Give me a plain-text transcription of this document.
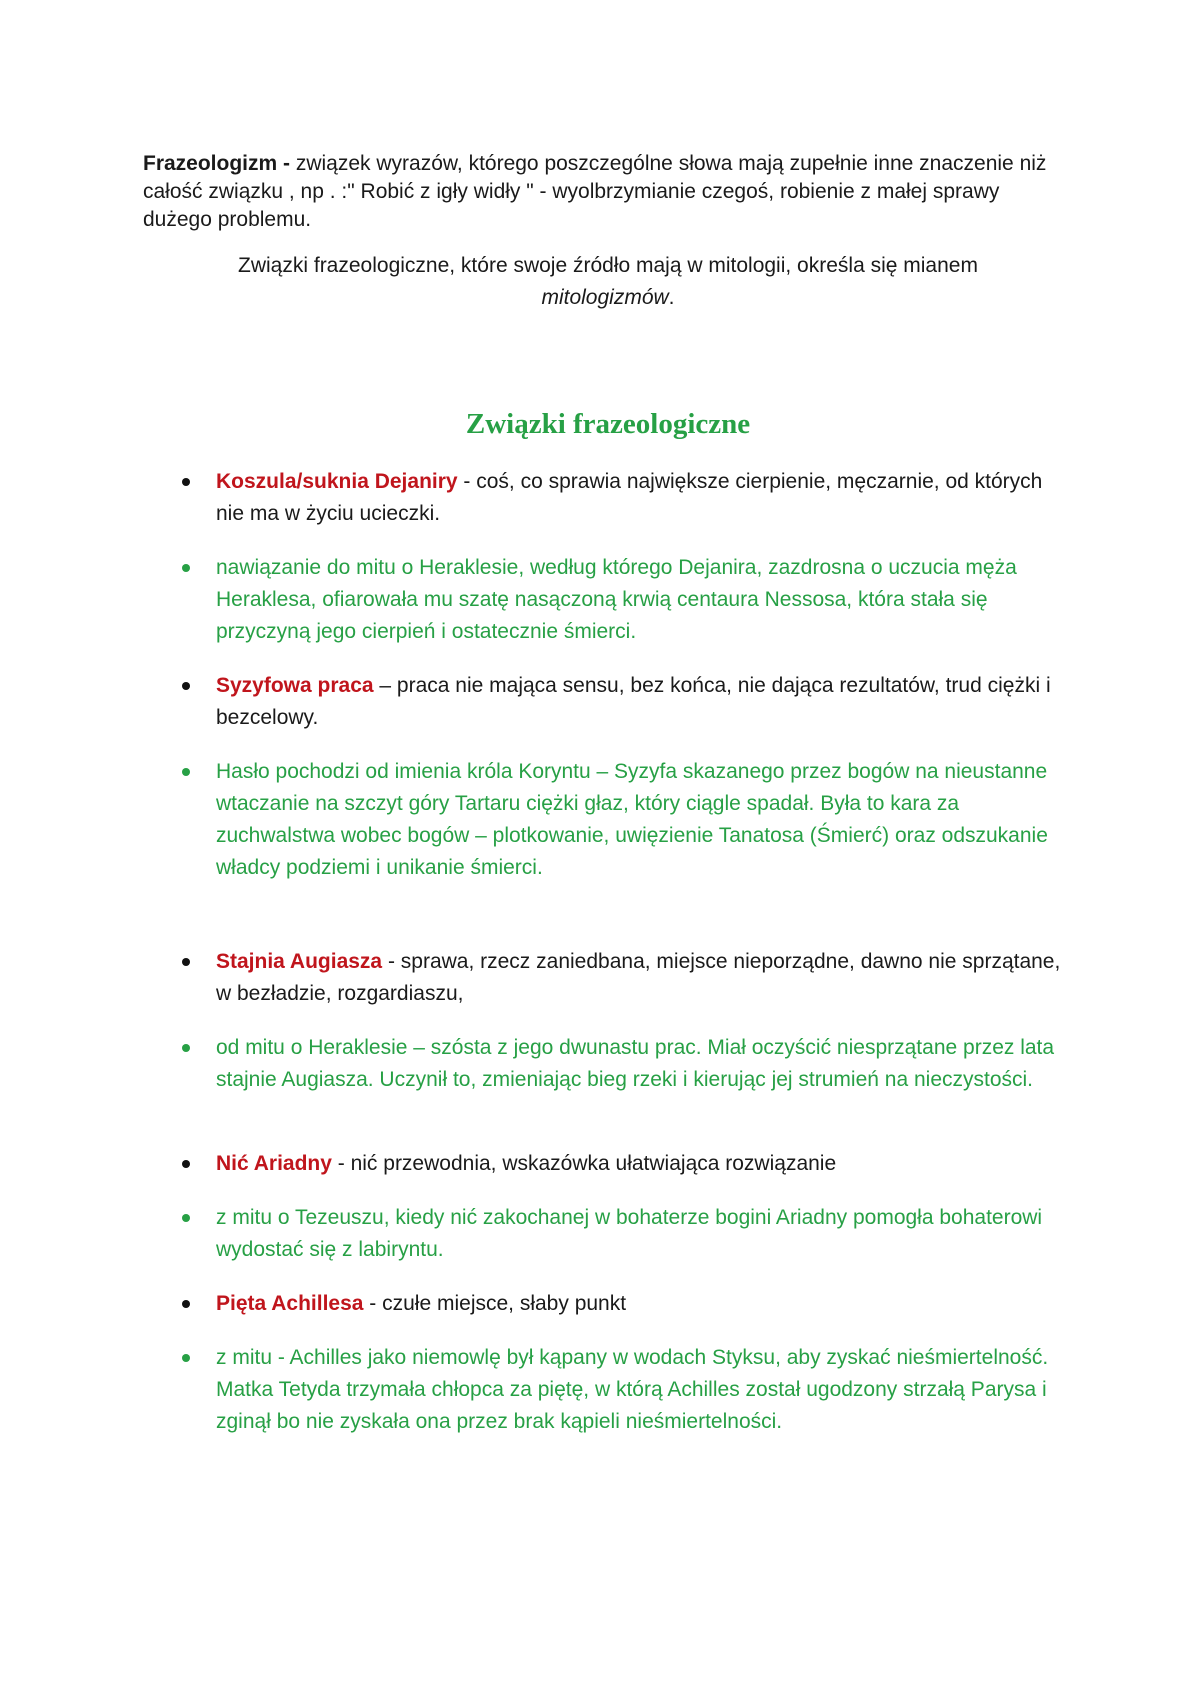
Frazeologizm - związek wyrazów, którego poszczególne słowa mają zupełnie inne znaczenie niż całość związku , np . :" Robić z igły widły " - wyolbrzymianie czegoś, robienie z małej sprawy dużego problemu.

Związki frazeologiczne, które swoje źródło mają w mitologii, określa się mianem
mitologizmów.

Związki frazeologiczne
Koszula/suknia Dejaniry - coś, co sprawia największe cierpienie, męczarnie, od których nie ma w życiu ucieczki.
nawiązanie do mitu o Heraklesie, według którego Dejanira, zazdrosna o uczucia męża Heraklesa, ofiarowała mu szatę nasączoną krwią centaura Nessosa, która stała się przyczyną jego cierpień i ostatecznie śmierci.
Syzyfowa praca – praca nie mająca sensu, bez końca, nie dająca rezultatów, trud ciężki i bezcelowy.
Hasło pochodzi od imienia króla Koryntu – Syzyfa skazanego przez bogów na nieustanne wtaczanie na szczyt góry Tartaru ciężki głaz, który ciągle spadał. Była to kara za zuchwalstwa wobec bogów – plotkowanie, uwięzienie Tanatosa (Śmierć) oraz odszukanie władcy podziemi i unikanie śmierci.
Stajnia Augiasza - sprawa, rzecz zaniedbana, miejsce nieporządne, dawno nie sprzątane, w bezładzie, rozgardiaszu,
od mitu o Heraklesie – szósta z jego dwunastu prac. Miał oczyścić niesprzątane przez lata stajnie Augiasza. Uczynił to, zmieniając bieg rzeki i kierując jej strumień na nieczystości.
Nić Ariadny - nić przewodnia, wskazówka ułatwiająca rozwiązanie
z mitu o Tezeuszu, kiedy nić zakochanej w bohaterze bogini Ariadny pomogła bohaterowi wydostać się z labiryntu.
Pięta Achillesa - czułe miejsce, słaby punkt
z mitu - Achilles jako niemowlę był kąpany w wodach Styksu, aby zyskać nieśmiertelność. Matka Tetyda trzymała chłopca za piętę, w którą Achilles został ugodzony strzałą Parysa i zginął bo nie zyskała ona przez brak kąpieli nieśmiertelności.
